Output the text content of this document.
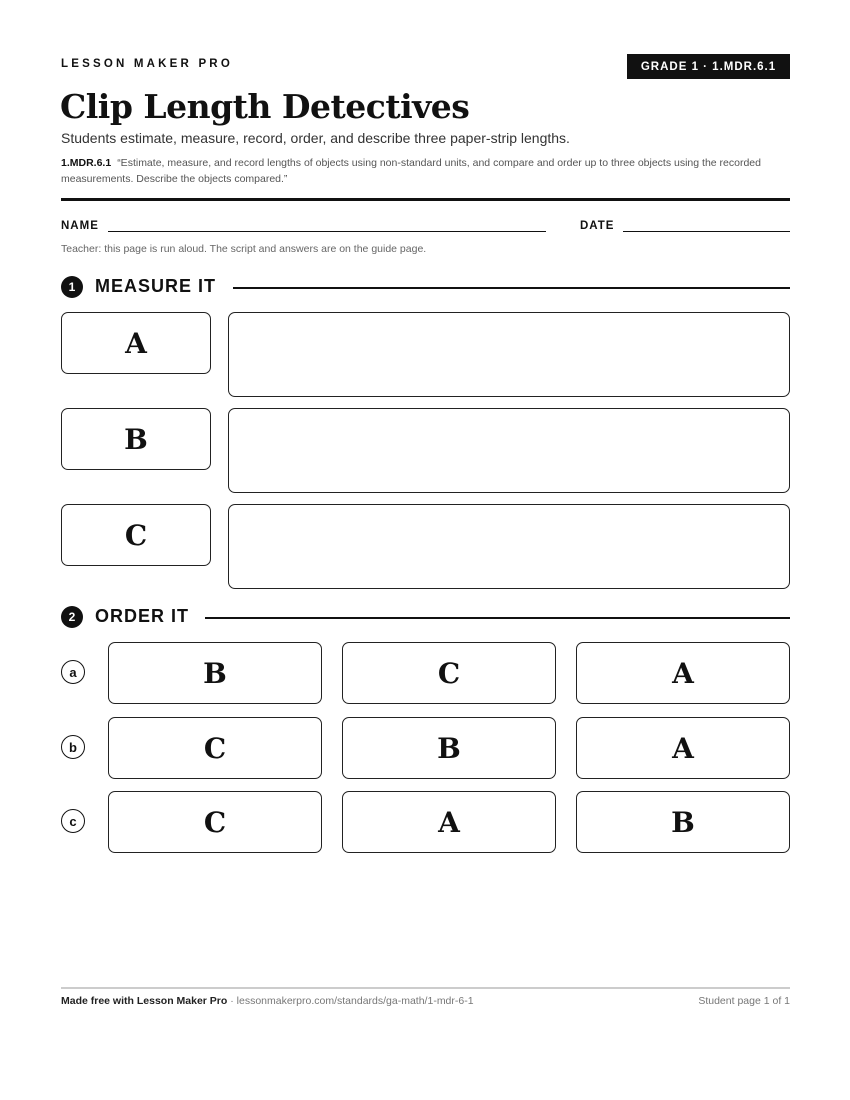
LESSON MAKER PRO	GRADE 1 · 1.MDR.6.1
Clip Length Detectives
Students estimate, measure, record, order, and describe three paper-strip lengths.
1.MDR.6.1 “Estimate, measure, and record lengths of objects using non-standard units, and compare and order up to three objects using the recorded measurements. Describe the objects compared.”
NAME	DATE
Teacher: this page is run aloud. The script and answers are on the guide page.
1	MEASURE IT
A
B
C
2	ORDER IT
a	B	C	A
b	C	B	A
c	C	A	B
Made free with Lesson Maker Pro · lessonmakerpro.com/standards/ga-math/1-mdr-6-1	Student page 1 of 1
